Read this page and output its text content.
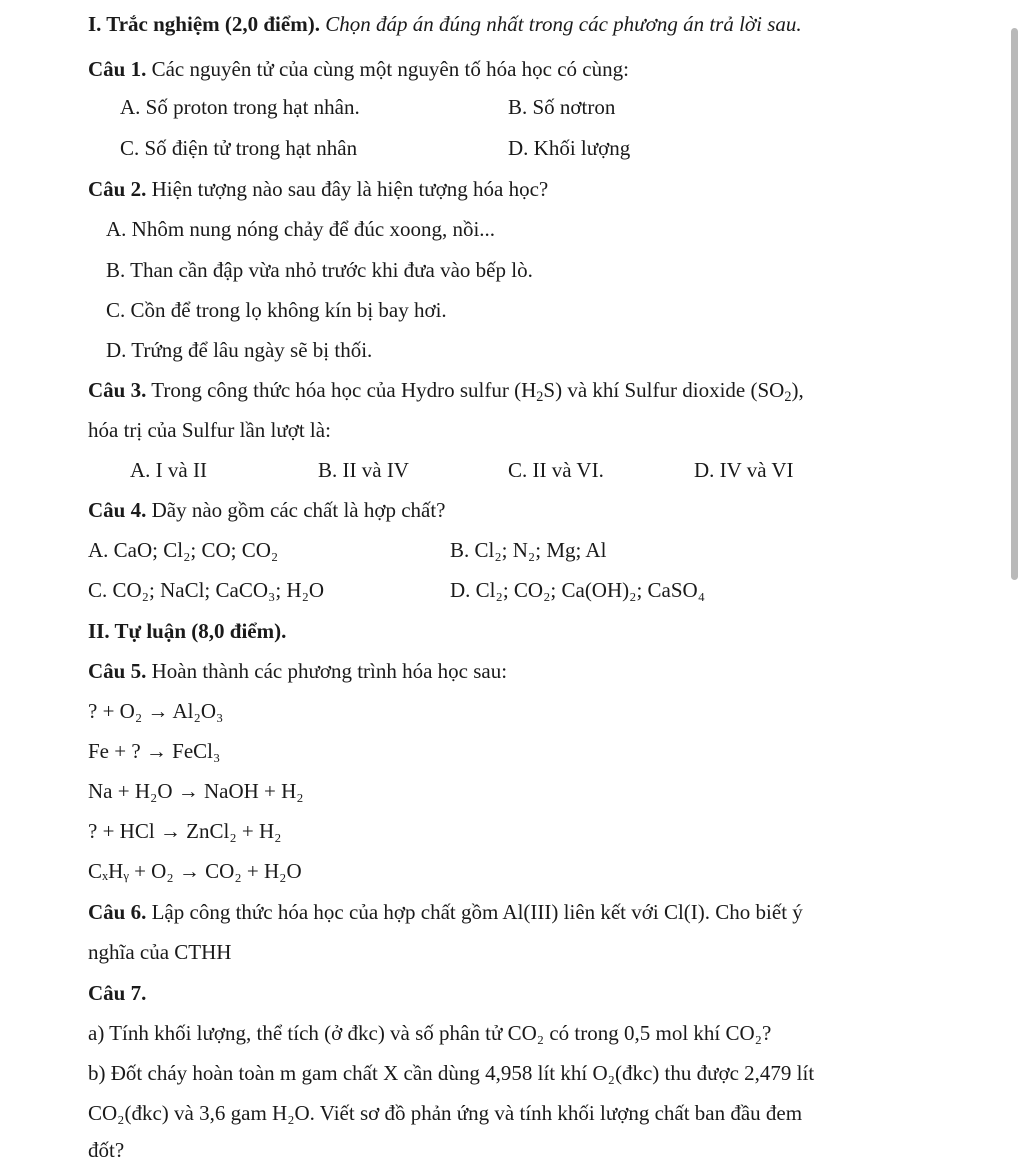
I. Trắc nghiệm (2,0 điểm). Chọn đáp án đúng nhất trong các phương án trả lời sau.
Câu 1. Các nguyên tử của cùng một nguyên tố hóa học có cùng:
A. Số proton trong hạt nhân.	B. Số nơtron
C. Số điện tử trong hạt nhân	D. Khối lượng
Câu 2. Hiện tượng nào sau đây là hiện tượng hóa học?
A. Nhôm nung nóng chảy để đúc xoong, nồi...
B. Than cần đập vừa nhỏ trước khi đưa vào bếp lò.
C. Cồn để trong lọ không kín bị bay hơi.
D. Trứng để lâu ngày sẽ bị thối.
Câu 3. Trong công thức hóa học của Hydro sulfur $(H_2S)$ và khí Sulfur dioxide $(SO_2)$,
hóa trị của Sulfur lần lượt là:
A. I và II	B. II và IV	C. II và VI.	D. IV và VI
Câu 4. Dãy nào gồm các chất là hợp chất?
A. CaO; Cl₂; CO; CO₂	B. Cl₂; N₂; Mg; Al
C. CO₂; NaCl; CaCO₃; H₂O	D. Cl₂; CO₂; Ca(OH)₂; CaSO₄
II. Tự luận (8,0 điểm).
Câu 5. Hoàn thành các phương trình hóa học sau:
? + O₂ → Al₂O₃
Fe + ? → FeCl₃
Na + H₂O → NaOH + H₂
? + HCl → ZnCl₂ + H₂
CₓHᵧ + O₂ → CO₂ + H₂O
Câu 6. Lập công thức hóa học của hợp chất gồm Al(III) liên kết với Cl(I). Cho biết ý
nghĩa của CTHH
Câu 7.
a) Tính khối lượng, thể tích (ở đkc) và số phân tử CO₂ có trong 0,5 mol khí CO₂?
b) Đốt cháy hoàn toàn m gam chất X cần dùng 4,958 lít khí O₂(đkc) thu được 2,479 lít
CO₂(đkc) và 3,6 gam H₂O. Viết sơ đồ phản ứng và tính khối lượng chất ban đầu đem
đốt?
